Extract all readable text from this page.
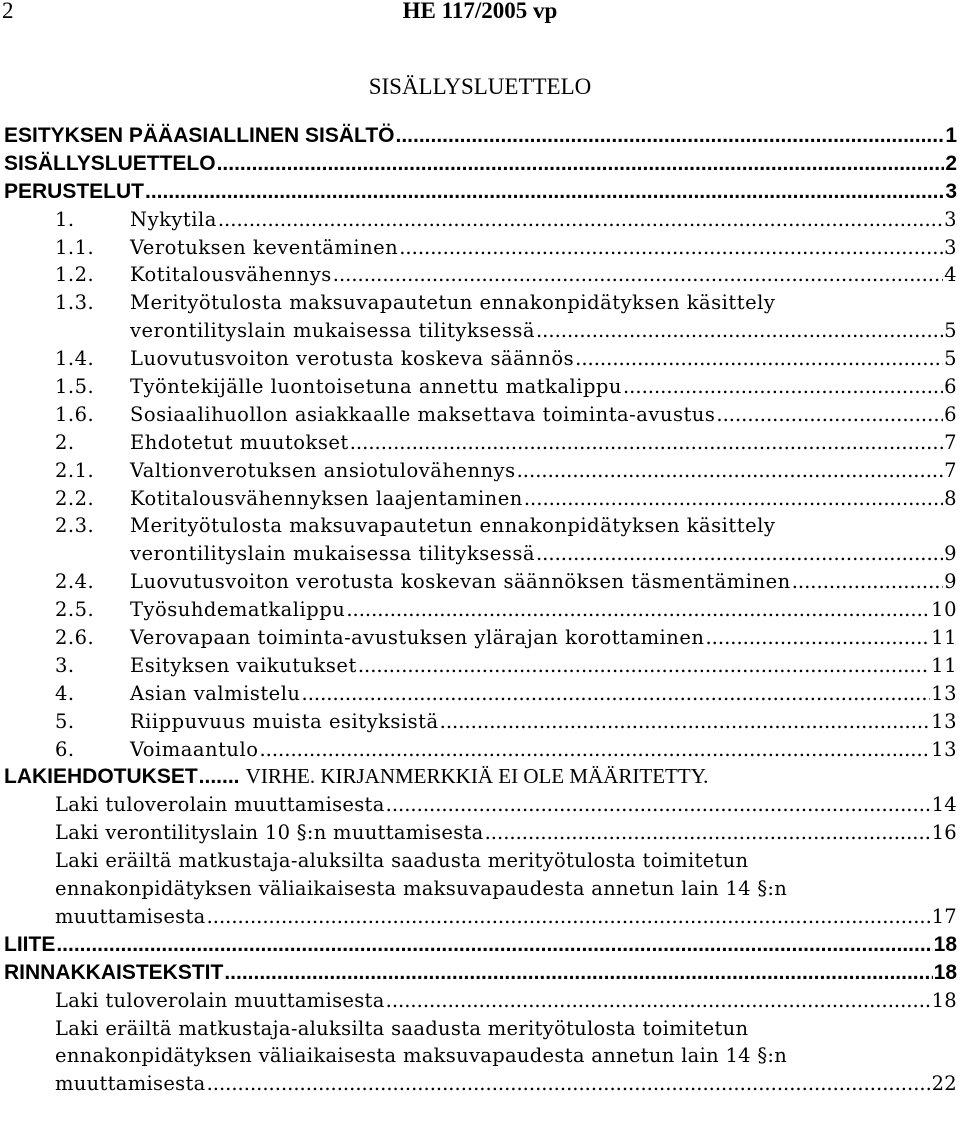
2	HE 117/2005 vp
SISÄLLYSLUETTELO
ESITYKSEN PÄÄASIALLINEN SISÄLTÖ .....	1
SISÄLLYSLUETTELO .....	2
PERUSTELUT .....	3
1.	Nykytila .....	3
1.1.	Verotuksen keventäminen .....	3
1.2.	Kotitalousvähennys .....	4
1.3. Merityötulosta maksuvapautetun ennakonpidätyksen käsittely
verontilityslain mukaisessa tilityksessä .....	5
1.4.	Luovutusvoiton verotusta koskeva säännös .....	5
1.5.	Työntekijälle luontoisetuna annettu matkalippu .....	6
1.6.	Sosiaalihuollon asiakkaalle maksettava toiminta-avustus .....	6
2.	Ehdotetut muutokset .....	7
2.1.	Valtionverotuksen ansiotulovähennys .....	7
2.2.	Kotitalousvähennyksen laajentaminen .....	8
2.3. Merityötulosta maksuvapautetun ennakonpidätyksen käsittely
verontilityslain mukaisessa tilityksessä .....	9
2.4.	Luovutusvoiton verotusta koskevan säännöksen täsmentäminen .....	9
2.5.	Työsuhdematkalippu .....	10
2.6.	Verovapaan toiminta-avustuksen ylärajan korottaminen .....	11
3.	Esityksen vaikutukset .....	11
4.	Asian valmistelu .....	13
5.	Riippuvuus muista esityksistä .....	13
6.	Voimaantulo .....	13
LAKIEHDOTUKSET ..... VIRHE. KIRJANMERKKIÄ EI OLE MÄÄRITETTY.
Laki tuloverolain muuttamisesta .....	14
Laki verontilityslain 10 §:n muuttamisesta .....	16
Laki eräiltä matkustaja-aluksilta saadusta merityötulosta toimitetun
ennakonpidätyksen väliaikaisesta maksuvapaudesta annetun lain 14 §:n
muuttamisesta .....	17
LIITE .....	18
RINNAKKAISTEKSTIT .....	18
Laki tuloverolain muuttamisesta .....	18
Laki eräiltä matkustaja-aluksilta saadusta merityötulosta toimitetun
ennakonpidätyksen väliaikaisesta maksuvapaudesta annetun lain 14 §:n
muuttamisesta .....	22
